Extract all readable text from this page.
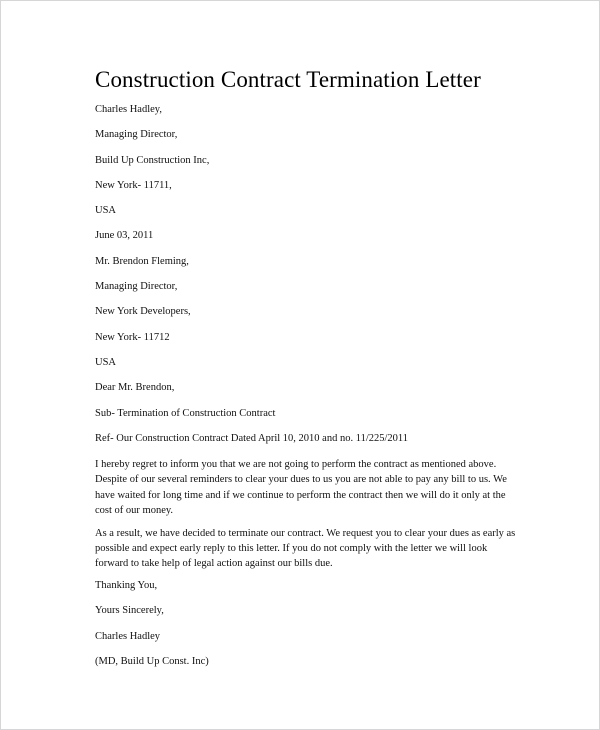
Construction Contract Termination Letter

Charles Hadley,

Managing Director,

Build Up Construction Inc,

New York- 11711,

USA

June 03, 2011

Mr. Brendon Fleming,

Managing Director,

New York Developers,

New York- 11712

USA

Dear Mr. Brendon,

Sub- Termination of Construction Contract

Ref- Our Construction Contract Dated April 10, 2010 and no. 11/225/2011

I hereby regret to inform you that we are not going to perform the contract as mentioned above. Despite of our several reminders to clear your dues to us you are not able to pay any bill to us. We have waited for long time and if we continue to perform the contract then we will do it only at the cost of our money.

As a result, we have decided to terminate our contract. We request you to clear your dues as early as possible and expect early reply to this letter. If you do not comply with the letter we will look forward to take help of legal action against our bills due.

Thanking You,

Yours Sincerely,

Charles Hadley

(MD, Build Up Const. Inc)
